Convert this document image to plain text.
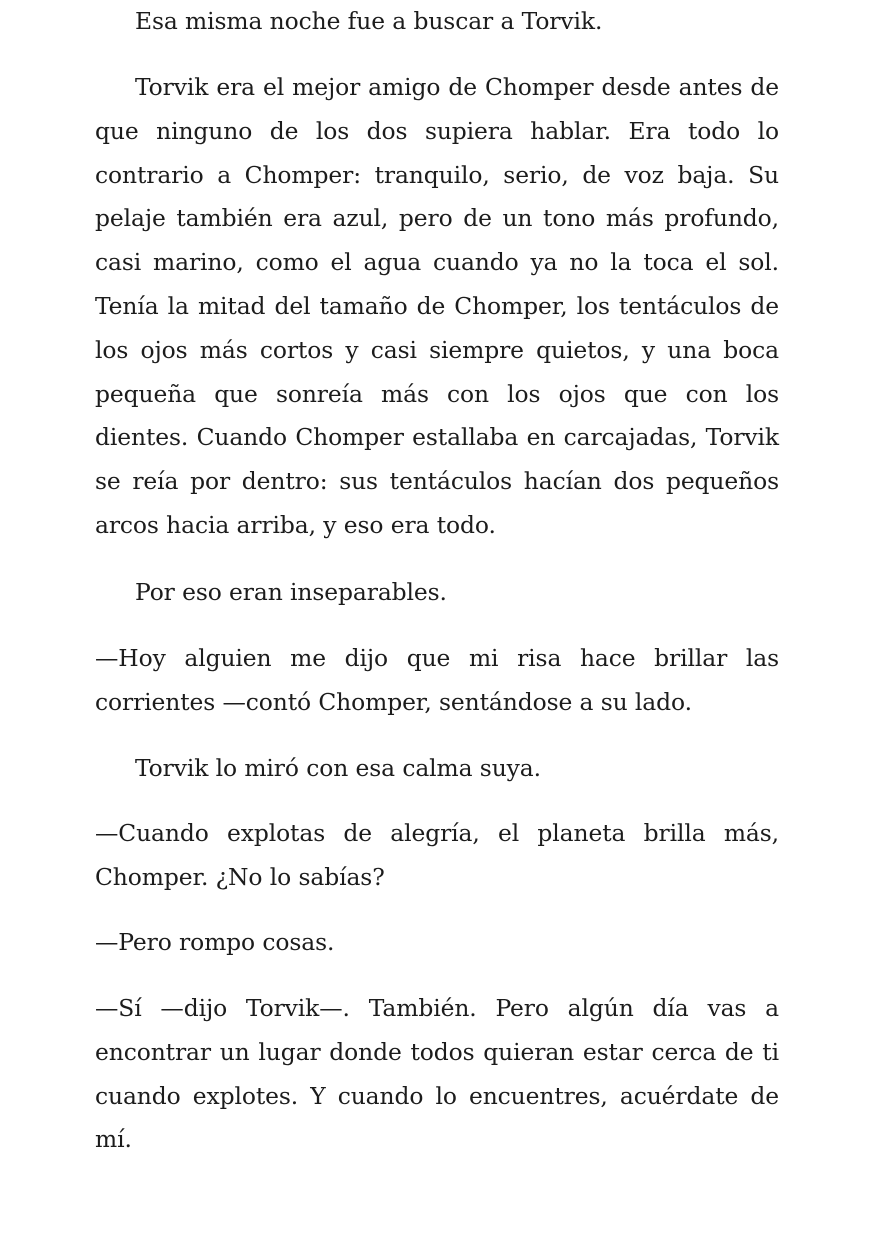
Esa misma noche fue a buscar a Torvik.

Torvik era el mejor amigo de Chomper desde antes de que ninguno de los dos supiera hablar. Era todo lo contrario a Chomper: tranquilo, serio, de voz baja. Su pelaje también era azul, pero de un tono más profundo, casi marino, como el agua cuando ya no la toca el sol. Tenía la mitad del tamaño de Chomper, los tentáculos de los ojos más cortos y casi siempre quietos, y una boca pequeña que sonreía más con los ojos que con los dientes. Cuando Chomper estallaba en carcajadas, Torvik se reía por dentro: sus tentáculos hacían dos pequeños arcos hacia arriba, y eso era todo.

Por eso eran inseparables.

—Hoy alguien me dijo que mi risa hace brillar las corrientes —contó Chomper, sentándose a su lado.

Torvik lo miró con esa calma suya.

—Cuando explotas de alegría, el planeta brilla más, Chomper. ¿No lo sabías?

—Pero rompo cosas.

—Sí —dijo Torvik—. También. Pero algún día vas a encontrar un lugar donde todos quieran estar cerca de ti cuando explotes. Y cuando lo encuentres, acuérdate de mí.
